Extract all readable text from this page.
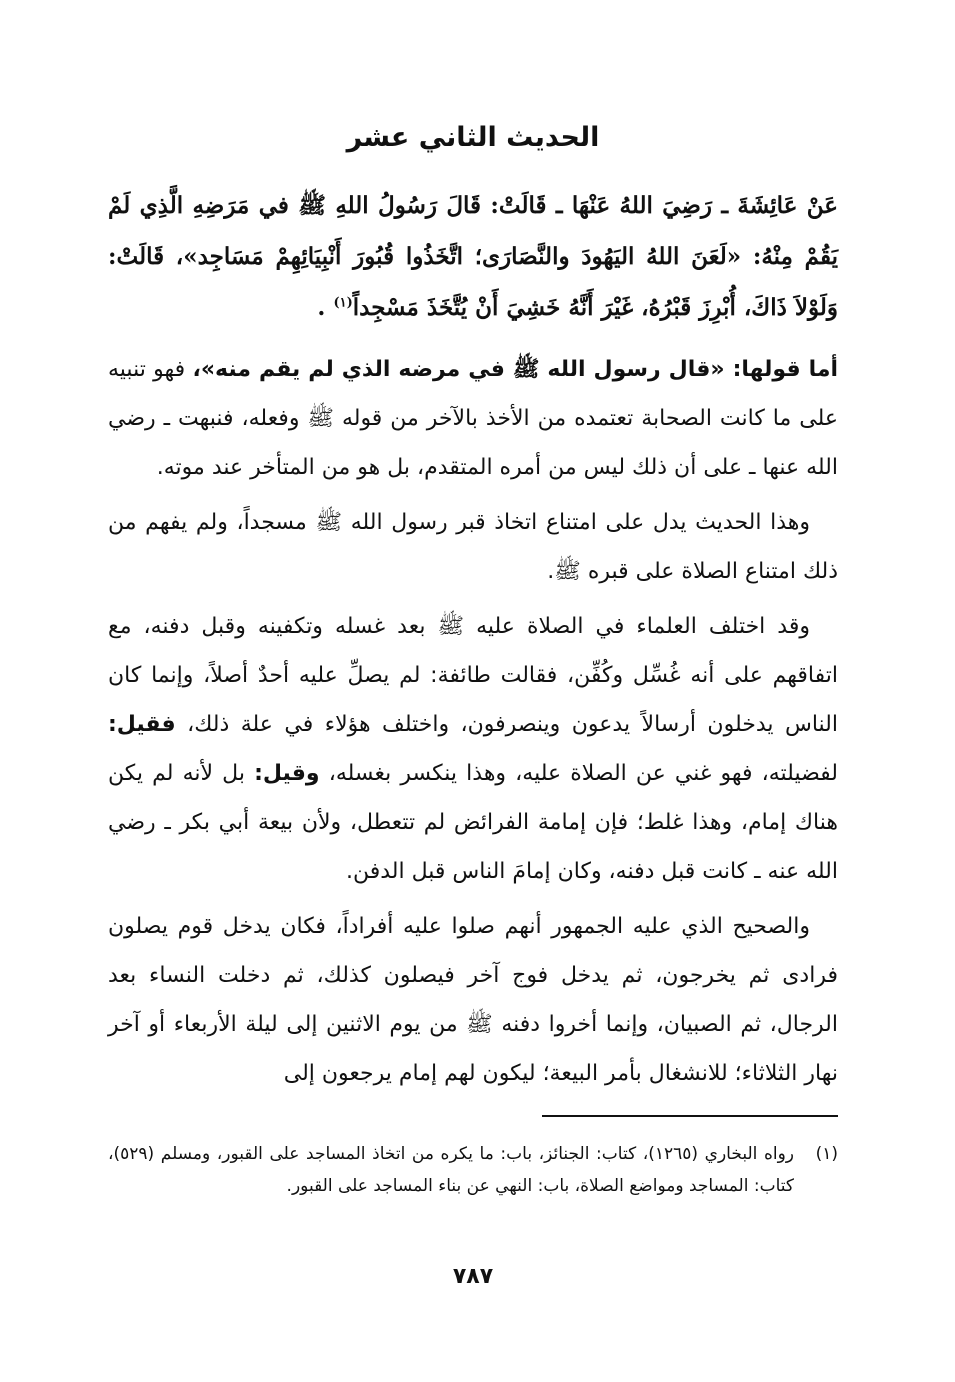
الحديث الثاني عشر

عَنْ عَائِشَةَ ـ رَضِيَ اللهُ عَنْهَا ـ قَالَتْ: قَالَ رَسُولُ اللهِ ﷺ في مَرَضِهِ الَّذِي لَمْ يَقُمْ مِنْهُ: «لَعَنَ اللهُ اليَهُودَ والنَّصَارَى؛ اتَّخَذُوا قُبُورَ أَنْبِيَائِهِمْ مَسَاجِد»، قَالَتْ: وَلَوْلاَ ذَاكَ، أُبْرِزَ قَبْرُهُ، غَيْرَ أَنَّهُ خَشِيَ أَنْ يُتَّخَذَ مَسْجِداً$^{(١)}$ .

أما قولها: «قال رسول الله ﷺ في مرضه الذي لم يقم منه»، فهو تنبيه على ما كانت الصحابة تعتمده من الأخذ بالآخر من قوله ﷺ وفعله، فنبهت ـ رضي الله عنها ـ على أن ذلك ليس من أمره المتقدم، بل هو من المتأخر عند موته.

وهذا الحديث يدل على امتناع اتخاذ قبر رسول الله ﷺ مسجداً، ولم يفهم من ذلك امتناع الصلاة على قبره ﷺ.

وقد اختلف العلماء في الصلاة عليه ﷺ بعد غسله وتكفينه وقبل دفنه، مع اتفاقهم على أنه غُسِّل وكُفِّن، فقالت طائفة: لم يصلِّ عليه أحدٌ أصلاً، وإنما كان الناس يدخلون أرسالاً يدعون وينصرفون، واختلف هؤلاء في علة ذلك، فقيل: لفضيلته، فهو غني عن الصلاة عليه، وهذا ينكسر بغسله، وقيل: بل لأنه لم يكن هناك إمام، وهذا غلط؛ فإن إمامة الفرائض لم تتعطل، ولأن بيعة أبي بكر ـ رضي الله عنه ـ كانت قبل دفنه، وكان إمامَ الناس قبل الدفن.

والصحيح الذي عليه الجمهور أنهم صلوا عليه أفراداً، فكان يدخل قوم يصلون فرادى ثم يخرجون، ثم يدخل فوج آخر فيصلون كذلك، ثم دخلت النساء بعد الرجال، ثم الصبيان، وإنما أخروا دفنه ﷺ من يوم الاثنين إلى ليلة الأربعاء أو آخر نهار الثلاثاء؛ للانشغال بأمر البيعة؛ ليكون لهم إمام يرجعون إلى

(١)
رواه البخاري (١٢٦٥)، كتاب: الجنائز، باب: ما يكره من اتخاذ المساجد على القبور، ومسلم (٥٢٩)، كتاب: المساجد ومواضع الصلاة، باب: النهي عن بناء المساجد على القبور.
٧٨٧
